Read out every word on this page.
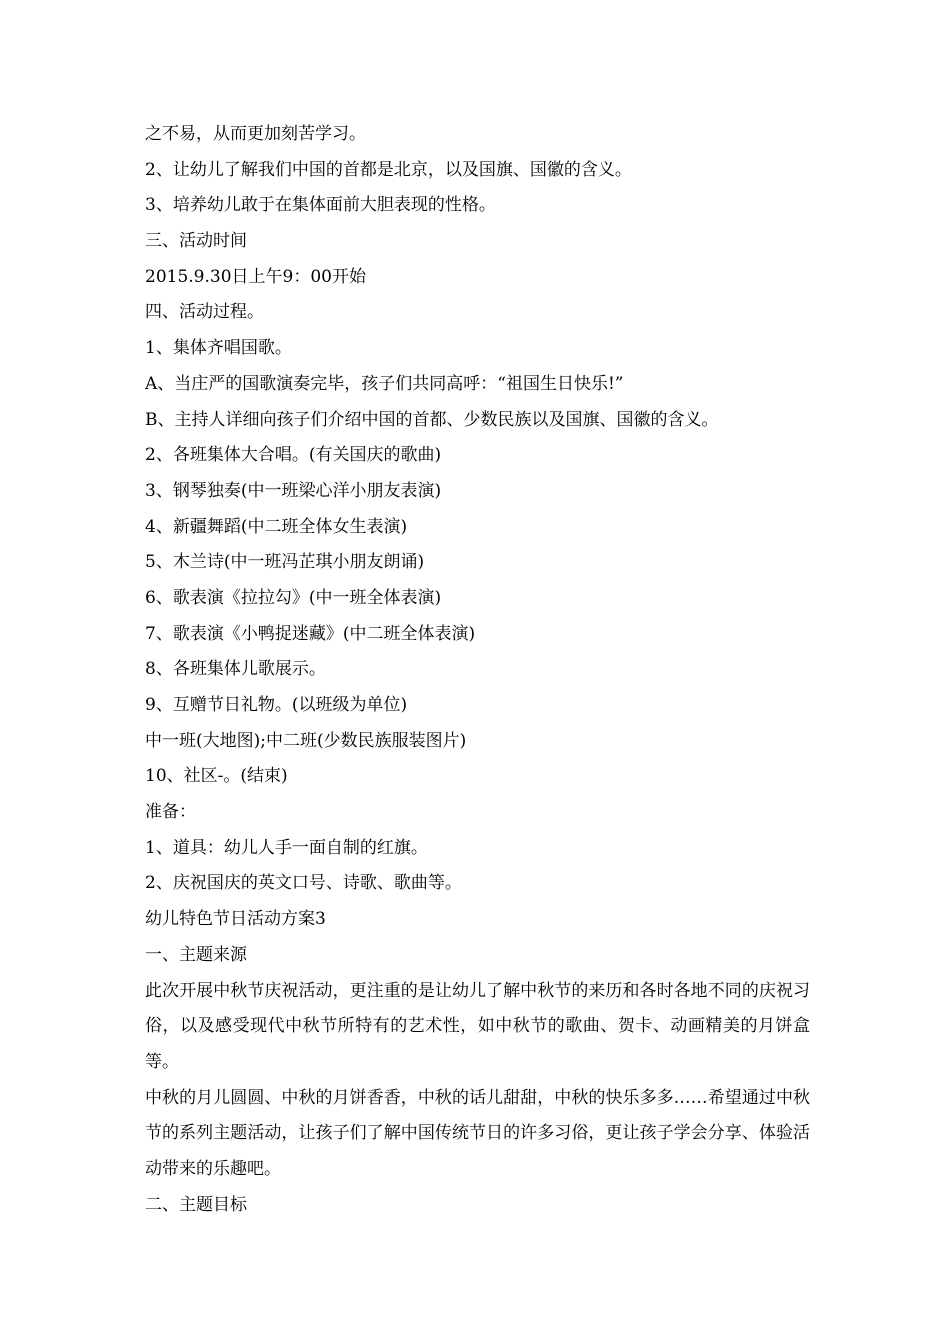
之不易，从而更加刻苦学习。
2、让幼儿了解我们中国的首都是北京，以及国旗、国徽的含义。
3、培养幼儿敢于在集体面前大胆表现的性格。
三、活动时间
2015.9.30日上午9：00开始
四、活动过程。
1、集体齐唱国歌。
A、当庄严的国歌演奏完毕，孩子们共同高呼：“祖国生日快乐!”
B、主持人详细向孩子们介绍中国的首都、少数民族以及国旗、国徽的含义。
2、各班集体大合唱。(有关国庆的歌曲)
3、钢琴独奏(中一班梁心洋小朋友表演)
4、新疆舞蹈(中二班全体女生表演)
5、木兰诗(中一班冯芷琪小朋友朗诵)
6、歌表演《拉拉勾》(中一班全体表演)
7、歌表演《小鸭捉迷藏》(中二班全体表演)
8、各班集体儿歌展示。
9、互赠节日礼物。(以班级为单位)
中一班(大地图);中二班(少数民族服装图片)
10、社区-。(结束)
准备：
1、道具：幼儿人手一面自制的红旗。
2、庆祝国庆的英文口号、诗歌、歌曲等。
幼儿特色节日活动方案3
一、主题来源
此次开展中秋节庆祝活动，更注重的是让幼儿了解中秋节的来历和各时各地不同的庆祝习俗，以及感受现代中秋节所特有的艺术性，如中秋节的歌曲、贺卡、动画精美的月饼盒等。
中秋的月儿圆圆、中秋的月饼香香，中秋的话儿甜甜，中秋的快乐多多……希望通过中秋节的系列主题活动，让孩子们了解中国传统节日的许多习俗，更让孩子学会分享、体验活动带来的乐趣吧。
二、主题目标
